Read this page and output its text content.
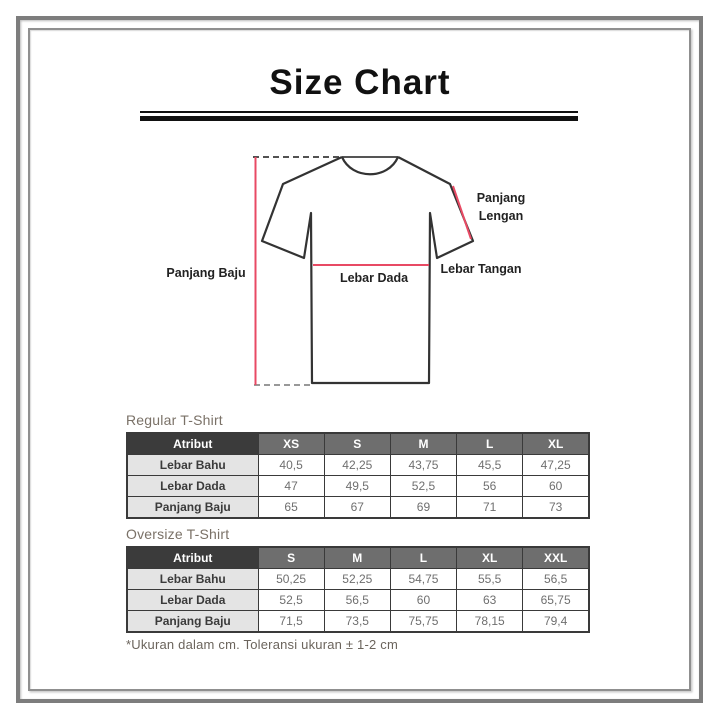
Size Chart
Panjang Baju	Lebar Dada
Panjang
Lengan
Lebar Tangan
Regular T-Shirt
Atribut	XS	S	M	L	XL
Lebar Bahu	40,5	42,25	43,75	45,5	47,25
Lebar Dada	47	49,5	52,5	56	60
Panjang Baju	65	67	69	71	73
Oversize T-Shirt
Atribut	S	M	L	XL	XXL
Lebar Bahu	50,25	52,25	54,75	55,5	56,5
Lebar Dada	52,5	56,5	60	63	65,75
Panjang Baju	71,5	73,5	75,75	78,15	79,4
*Ukuran dalam cm. Toleransi ukuran ± 1-2 cm
